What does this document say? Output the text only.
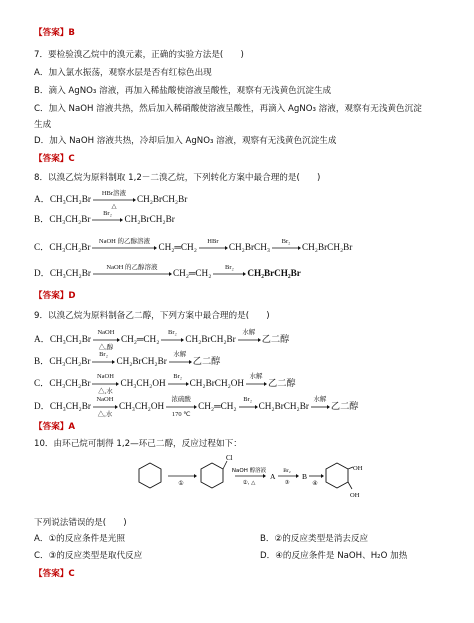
【答案】B
7．要检验溴乙烷中的溴元素，正确的实验方法是(　　)
A．加入氯水振荡，观察水层是否有红棕色出现
B．滴入 AgNO₃ 溶液，再加入稀盐酸使溶液呈酸性，观察有无浅黄色沉淀生成
C．加入 NaOH 溶液共热，然后加入稀硝酸使溶液呈酸性，再滴入 AgNO₃ 溶液，观察有无浅黄色沉淀
生成
D．加入 NaOH 溶液共热，冷却后加入 AgNO₃ 溶液，观察有无浅黄色沉淀生成
【答案】C
8．以溴乙烷为原料制取 1,2－二溴乙烷，下列转化方案中最合理的是(　　)
A．CH₃CH₂Br
HBr溶液
△
CH₂BrCH₂Br
B．CH₃CH₂Br
Br₂
CH₂BrCH₂Br
C．CH₃CH₂Br
NaOH 的乙醇溶液
CH₂═CH₂
HBr
CH₂BrCH₃
Br₂
CH₂BrCH₂Br
D．CH₃CH₂Br
NaOH 的乙醇溶液
CH₂═CH₂
Br₂
CH₂BrCH₂Br
【答案】D
9．以溴乙烷为原料制备乙二醇，下列方案中最合理的是(　　)
A．CH₃CH₂Br
NaOH
△,醇
CH₂═CH₂
Br₂
CH₂BrCH₂Br
水解
乙二醇
B．CH₃CH₂Br
Br₂
CH₂BrCH₂Br
水解
乙二醇
C．CH₃CH₂Br
NaOH
△,水
CH₃CH₂OH
Br₂
CH₂BrCH₂OH
水解
乙二醇
D．CH₃CH₂Br
NaOH
△,水
CH₃CH₂OH
浓硫酸
170 ℃
CH₂═CH₂
Br₂
CH₂BrCH₂Br
水解
乙二醇
【答案】A
10．由环己烷可制得 1,2—环己二醇，反应过程如下：
①
Cl
NaOH 醇溶液
②, △
A
Br₂
③
B
④
OH
OH
下列说法错误的是(　　)
A．①的反应条件是光照	B．②的反应类型是消去反应
C．③的反应类型是取代反应	D．④的反应条件是 NaOH、H₂O 加热
【答案】C
